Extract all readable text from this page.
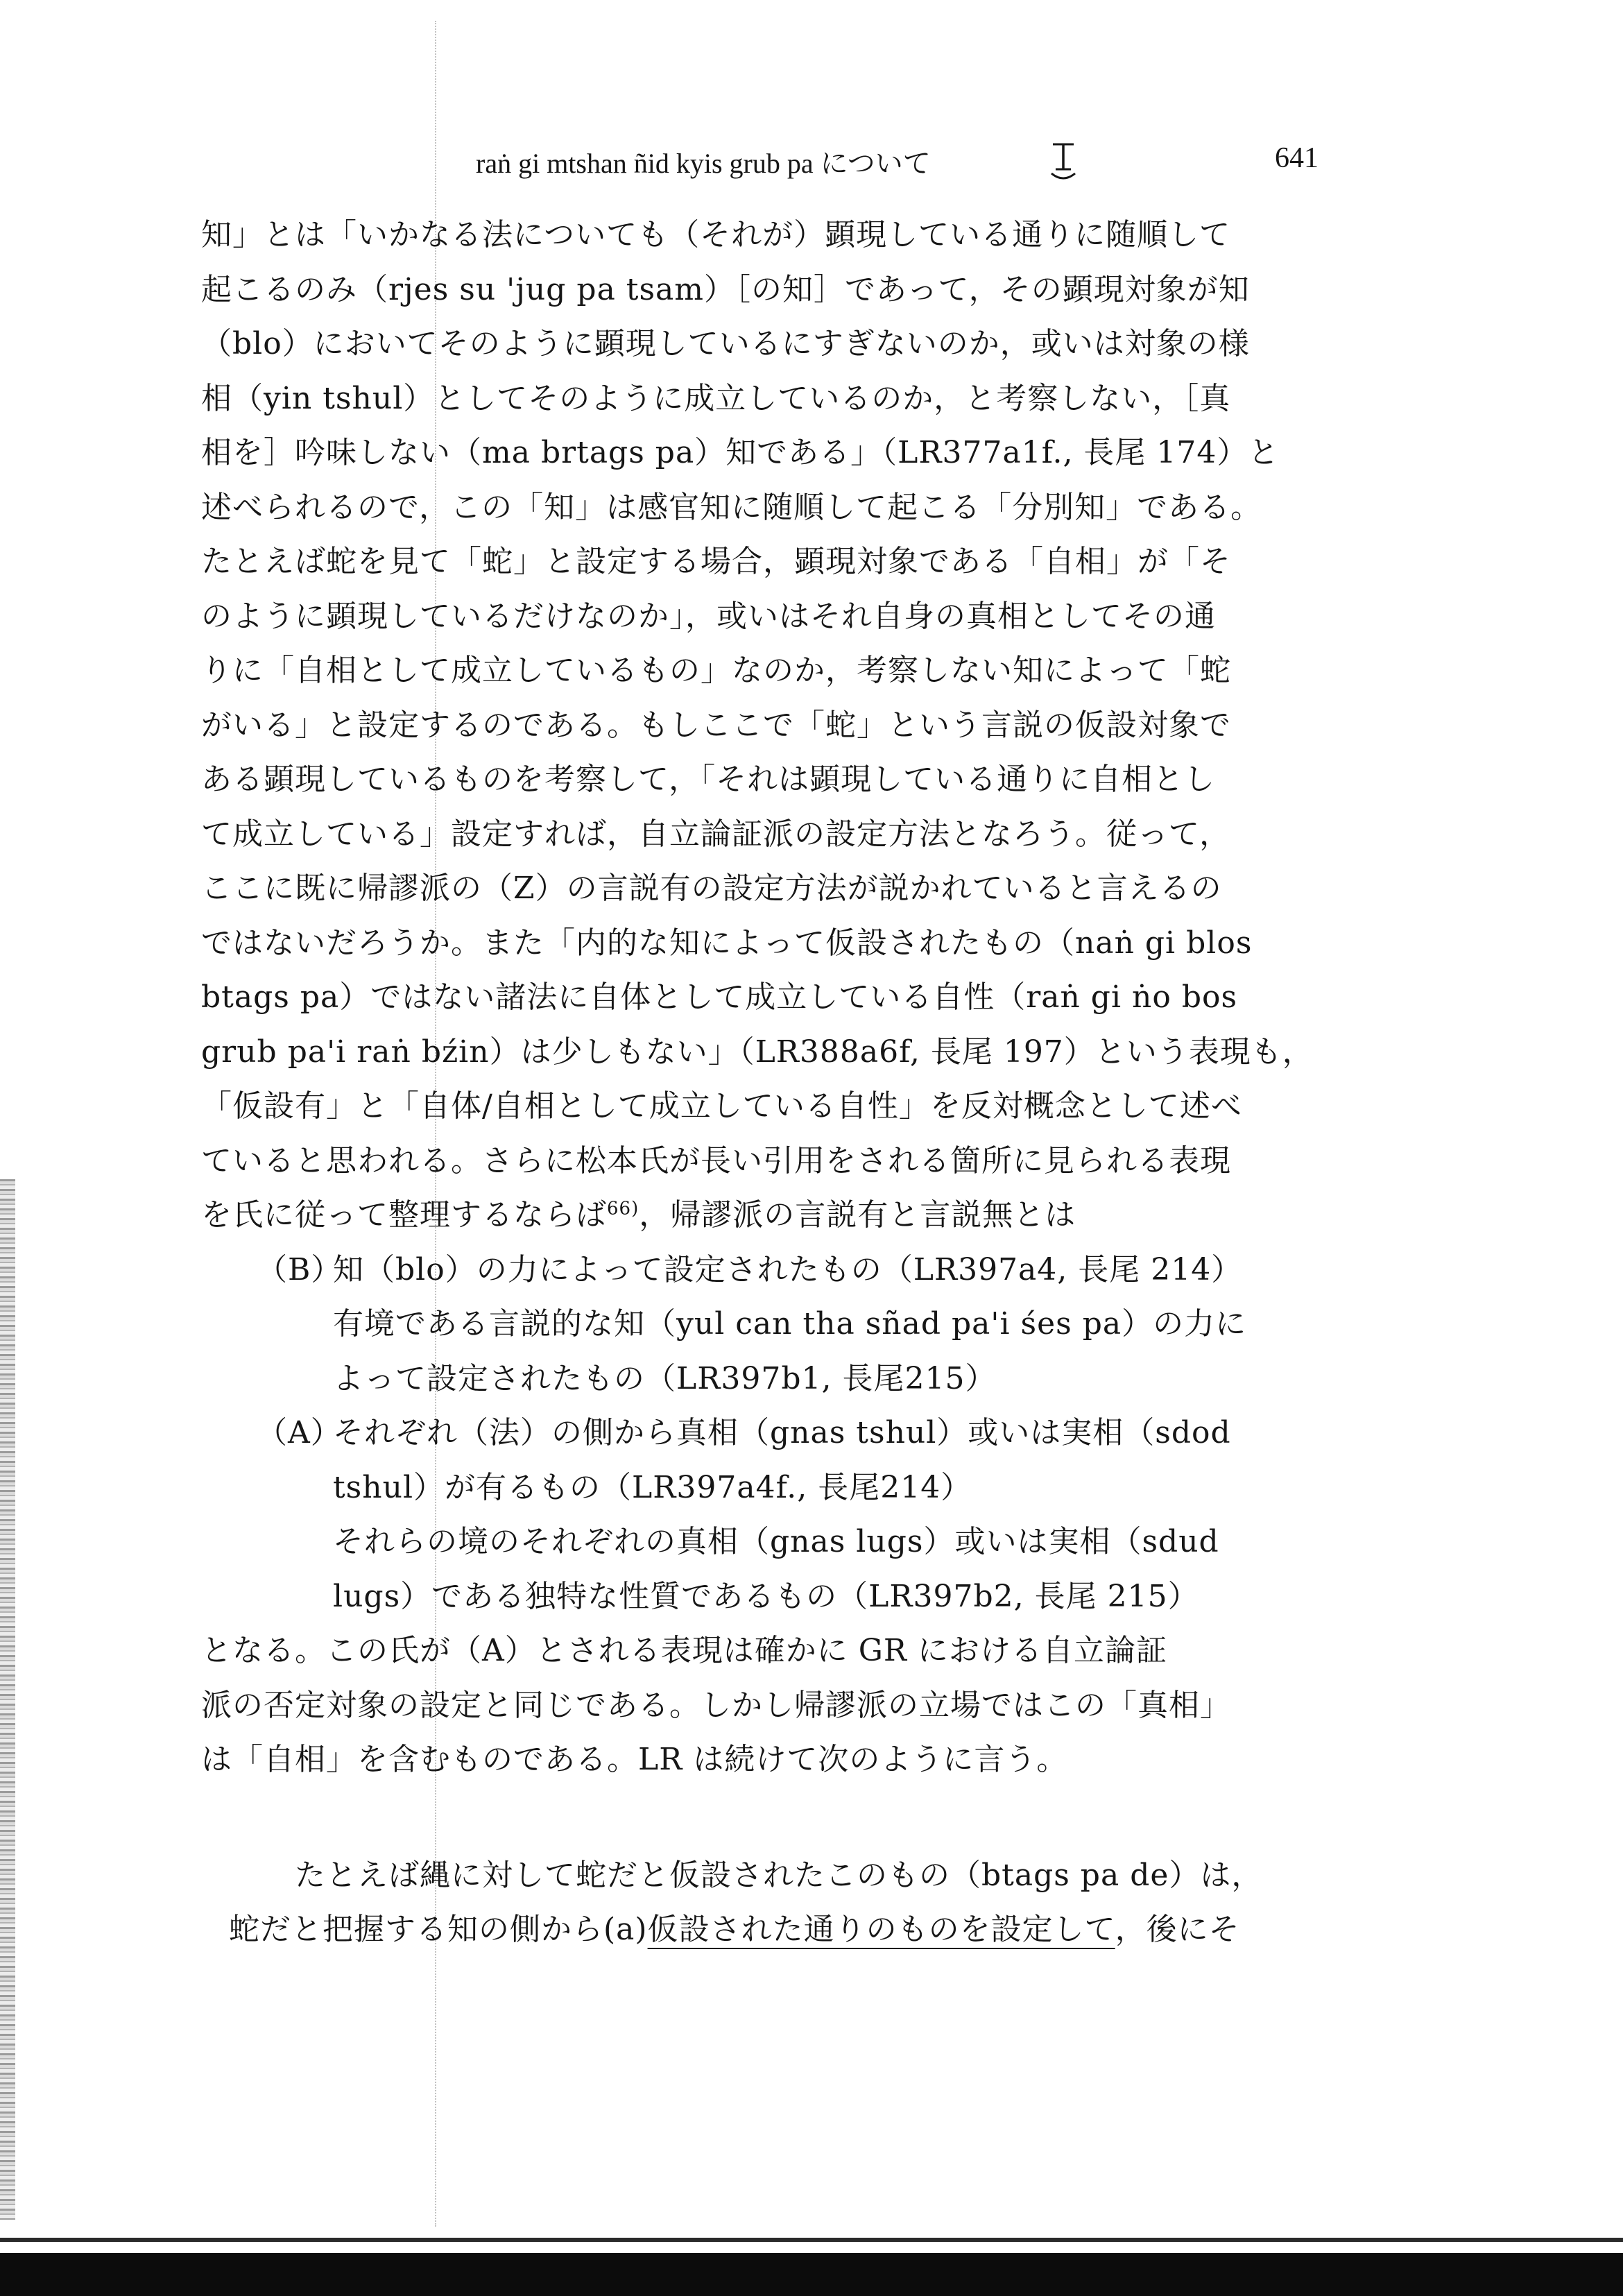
raṅ gi mtshan ñid kyis grub pa について	I	641
知」とは「いかなる法についても（それが）顕現している通りに随順して
起こるのみ（rjes su 'jug pa tsam）［の知］であって，その顕現対象が知
（blo）においてそのように顕現しているにすぎないのか，或いは対象の様
相（yin tshul）としてそのように成立しているのか，と考察しない，［真
相を］吟味しない（ma brtags pa）知である」（LR377a1f., 長尾 174）と
述べられるので，この「知」は感官知に随順して起こる「分別知」である。
たとえば蛇を見て「蛇」と設定する場合，顕現対象である「自相」が「そ
のように顕現しているだけなのか」，或いはそれ自身の真相としてその通
りに「自相として成立しているもの」なのか，考察しない知によって「蛇
がいる」と設定するのである。もしここで「蛇」という言説の仮設対象で
ある顕現しているものを考察して，「それは顕現している通りに自相とし
て成立している」設定すれば，自立論証派の設定方法となろう。従って，
ここに既に帰謬派の（Z）の言説有の設定方法が説かれていると言えるの
ではないだろうか。また「内的な知によって仮設されたもの（naṅ gi blos
btags pa）ではない諸法に自体として成立している自性（raṅ gi ṅo bos
grub pa'i raṅ bźin）は少しもない」（LR388a6f, 長尾 197）という表現も，
「仮設有」と「自体/自相として成立している自性」を反対概念として述べ
ていると思われる。さらに松本氏が長い引用をされる箇所に見られる表現
を氏に従って整理するならば$^{66)}$，帰謬派の言説有と言説無とは
（B）知（blo）の力によって設定されたもの（LR397a4, 長尾 214）
有境である言説的な知（yul can tha sñad pa'i śes pa）の力に
よって設定されたもの（LR397b1, 長尾215）
（A）それぞれ（法）の側から真相（gnas tshul）或いは実相（sdod
tshul）が有るもの（LR397a4f., 長尾214）
それらの境のそれぞれの真相（gnas lugs）或いは実相（sdud
lugs）である独特な性質であるもの（LR397b2, 長尾 215）
となる。この氏が（A）とされる表現は確かに GR における自立論証
派の否定対象の設定と同じである。しかし帰謬派の立場ではこの「真相」
は「自相」を含むものである。LR は続けて次のように言う。
たとえば縄に対して蛇だと仮設されたこのもの（btags pa de）は，
蛇だと把握する知の側から(a)仮設された通りのものを設定して，後にそ
